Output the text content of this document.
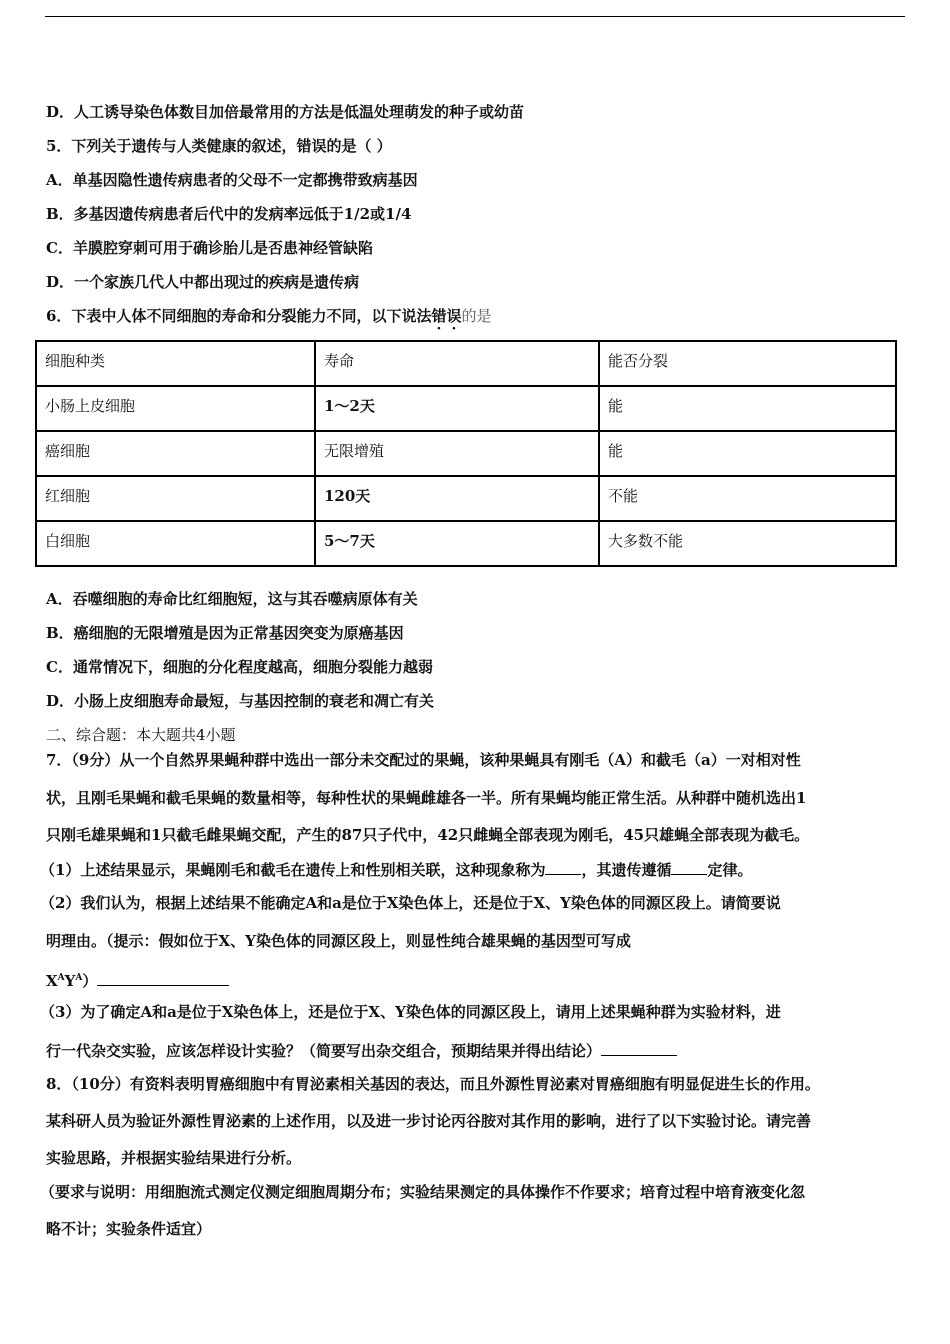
D．人工诱导染色体数目加倍最常用的方法是低温处理萌发的种子或幼苗
5．下列关于遗传与人类健康的叙述，错误的是（ ）
A．单基因隐性遗传病患者的父母不一定都携带致病基因
B．多基因遗传病患者后代中的发病率远低于1/2或1/4
C．羊膜腔穿刺可用于确诊胎儿是否患神经管缺陷
D．一个家族几代人中都出现过的疾病是遗传病
6．下表中人体不同细胞的寿命和分裂能力不同，以下说法错误的是
细胞种类	寿命	能否分裂
小肠上皮细胞	1～2天	能
癌细胞	无限增殖	能
红细胞	120天	不能
白细胞	5～7天	大多数不能
A．吞噬细胞的寿命比红细胞短，这与其吞噬病原体有关
B．癌细胞的无限增殖是因为正常基因突变为原癌基因
C．通常情况下，细胞的分化程度越高，细胞分裂能力越弱
D．小肠上皮细胞寿命最短，与基因控制的衰老和凋亡有关
二、综合题：本大题共4小题
7．（9分）从一个自然界果蝇种群中选出一部分未交配过的果蝇，该种果蝇具有刚毛（A）和截毛（a）一对相对性
状，且刚毛果蝇和截毛果蝇的数量相等，每种性状的果蝇雌雄各一半。所有果蝇均能正常生活。从种群中随机选出1
只刚毛雄果蝇和1只截毛雌果蝇交配，产生的87只子代中，42只雌蝇全部表现为刚毛，45只雄蝇全部表现为截毛。
（1）上述结果显示，果蝇刚毛和截毛在遗传上和性别相关联，这种现象称为 ，其遗传遵循 定律。
（2）我们认为，根据上述结果不能确定A和a是位于X染色体上，还是位于X、Y染色体的同源区段上。请简要说
明理由。（提示：假如位于X、Y染色体的同源区段上，则显性纯合雄果蝇的基因型可写成
$X^AY^A$）
（3）为了确定A和a是位于X染色体上，还是位于X、Y染色体的同源区段上，请用上述果蝇种群为实验材料，进
行一代杂交实验，应该怎样设计实验？（简要写出杂交组合，预期结果并得出结论）
8．（10分）有资料表明胃癌细胞中有胃泌素相关基因的表达，而且外源性胃泌素对胃癌细胞有明显促进生长的作用。
某科研人员为验证外源性胃泌素的上述作用，以及进一步讨论丙谷胺对其作用的影响，进行了以下实验讨论。请完善
实验思路，并根据实验结果进行分析。
（要求与说明：用细胞流式测定仪测定细胞周期分布；实验结果测定的具体操作不作要求；培育过程中培育液变化忽
略不计；实验条件适宜）
